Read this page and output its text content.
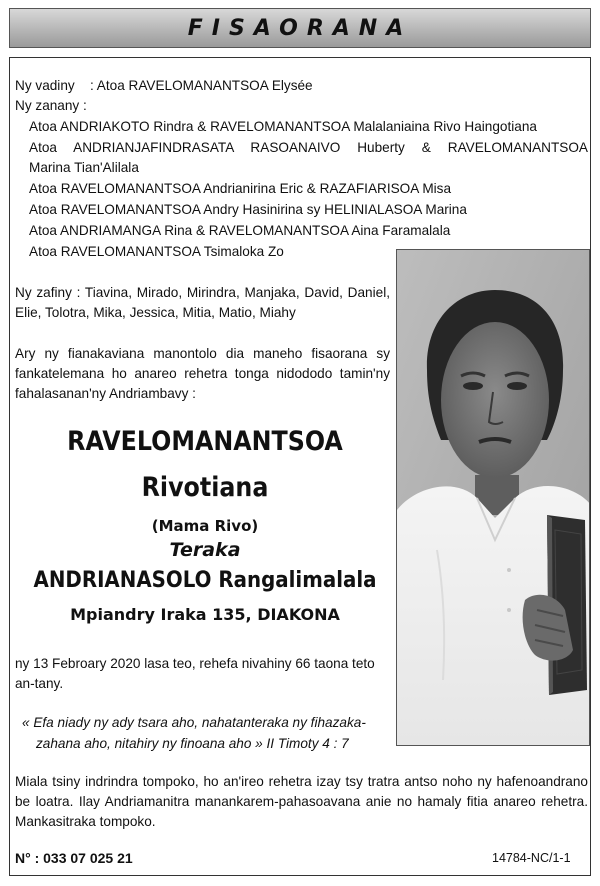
FISAORANA
Ny vadiny : Atoa RAVELOMANANTSOA Elysée
Ny zanany :
Atoa ANDRIAKOTO Rindra & RAVELOMANANTSOA Malalaniaina Rivo Haingotiana
Atoa ANDRIANJAFINDRASATA RASOANAIVO Huberty & RAVELOMANANTSOA
Marina Tian'Alilala
Atoa RAVELOMANANTSOA Andrianirina Eric & RAZAFIARISOA Misa
Atoa RAVELOMANANTSOA Andry Hasinirina sy HELINIALASOA Marina
Atoa ANDRIAMANGA Rina & RAVELOMANANTSOA Aina Faramalala
Atoa RAVELOMANANTSOA Tsimaloka Zo
Ny zafiny : Tiavina, Mirado, Mirindra, Manjaka, David, Daniel, Elie, Tolotra, Mika, Jessica, Mitia, Matio, Miahy
Ary ny fianakaviana manontolo dia maneho fisaorana sy fankatelemana ho anareo rehetra tonga nidododo tamin'ny fahalasanan'ny Andriambavy :
RAVELOMANANTSOA
Rivotiana
(Mama Rivo)
Teraka
ANDRIANASOLO Rangalimalala
Mpiandry Iraka 135, DIAKONA
ny 13 Febroary 2020 lasa teo, rehefa nivahiny 66 taona teto
an-tany.
« Efa niady ny ady tsara aho, nahatanteraka ny fihazaka-
zahana aho, nitahiry ny finoana aho » II Timoty 4 : 7
Miala tsiny indrindra tompoko, ho an'ireo rehetra izay tsy tratra antso noho ny hafenoandrano be loatra. Ilay Andriamanitra manankarem-pahasoavana anie no hamaly fitia anareo rehetra. Mankasitraka tompoko.
N° : 033 07 025 21	14784-NC/1-1
